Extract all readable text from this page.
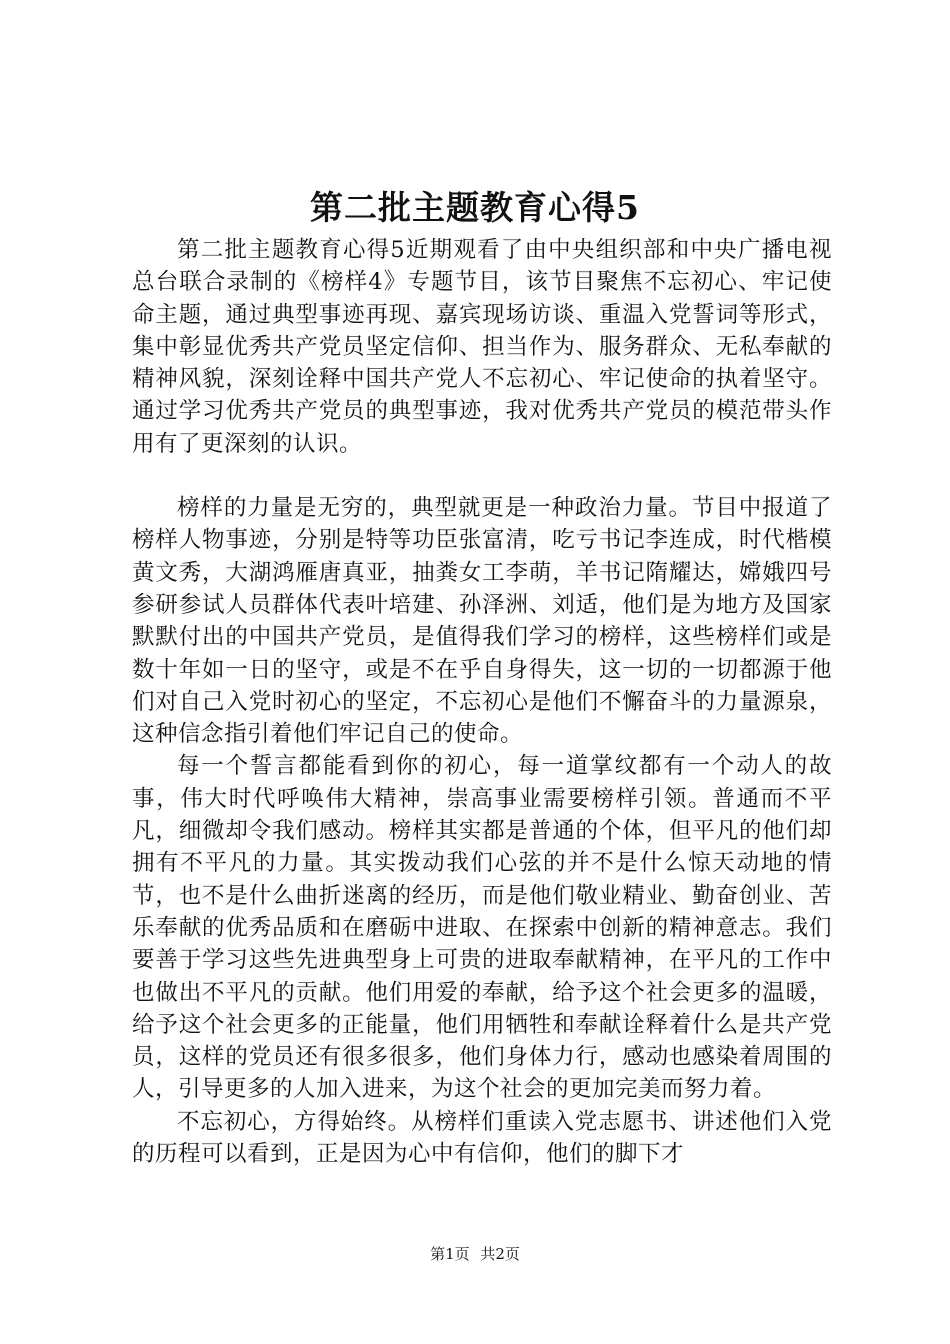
第二批主题教育心得5

第二批主题教育心得5近期观看了由中央组织部和中央广播电视总台联合录制的《榜样4》专题节目，该节目聚焦不忘初心、牢记使命主题，通过典型事迹再现、嘉宾现场访谈、重温入党誓词等形式，集中彰显优秀共产党员坚定信仰、担当作为、服务群众、无私奉献的精神风貌，深刻诠释中国共产党人不忘初心、牢记使命的执着坚守。通过学习优秀共产党员的典型事迹，我对优秀共产党员的模范带头作用有了更深刻的认识。

榜样的力量是无穷的，典型就更是一种政治力量。节目中报道了榜样人物事迹，分别是特等功臣张富清，吃亏书记李连成，时代楷模黄文秀，大湖鸿雁唐真亚，抽粪女工李萌，羊书记隋耀达，嫦娥四号参研参试人员群体代表叶培建、孙泽洲、刘适，他们是为地方及国家默默付出的中国共产党员，是值得我们学习的榜样，这些榜样们或是数十年如一日的坚守，或是不在乎自身得失，这一切的一切都源于他们对自己入党时初心的坚定，不忘初心是他们不懈奋斗的力量源泉，这种信念指引着他们牢记自己的使命。

每一个誓言都能看到你的初心，每一道掌纹都有一个动人的故事，伟大时代呼唤伟大精神，崇高事业需要榜样引领。普通而不平凡，细微却令我们感动。榜样其实都是普通的个体，但平凡的他们却拥有不平凡的力量。其实拨动我们心弦的并不是什么惊天动地的情节，也不是什么曲折迷离的经历，而是他们敬业精业、勤奋创业、苦乐奉献的优秀品质和在磨砺中进取、在探索中创新的精神意志。我们要善于学习这些先进典型身上可贵的进取奉献精神，在平凡的工作中也做出不平凡的贡献。他们用爱的奉献，给予这个社会更多的温暖，给予这个社会更多的正能量，他们用牺牲和奉献诠释着什么是共产党员，这样的党员还有很多很多，他们身体力行，感动也感染着周围的人，引导更多的人加入进来，为这个社会的更加完美而努力着。

不忘初心，方得始终。从榜样们重读入党志愿书、讲述他们入党的历程可以看到，正是因为心中有信仰，他们的脚下才

第1页 共2页
